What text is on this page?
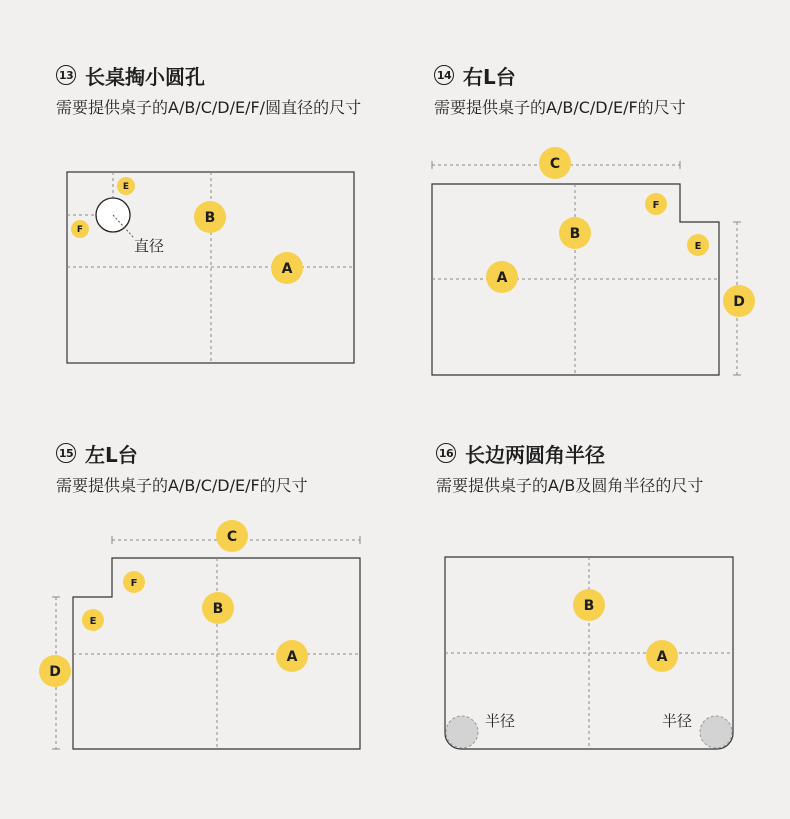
直径
A
B
E
F
C
B
A
D
F
E
C
B
A
D
F
E
半径	半径
B
A
13 长桌掏小圆孔
需要提供桌子的A/B/C/D/E/F/圆直径的尺寸
14 右L台
需要提供桌子的A/B/C/D/E/F的尺寸
15 左L台
需要提供桌子的A/B/C/D/E/F的尺寸
16 长边两圆角半径
需要提供桌子的A/B及圆角半径的尺寸
